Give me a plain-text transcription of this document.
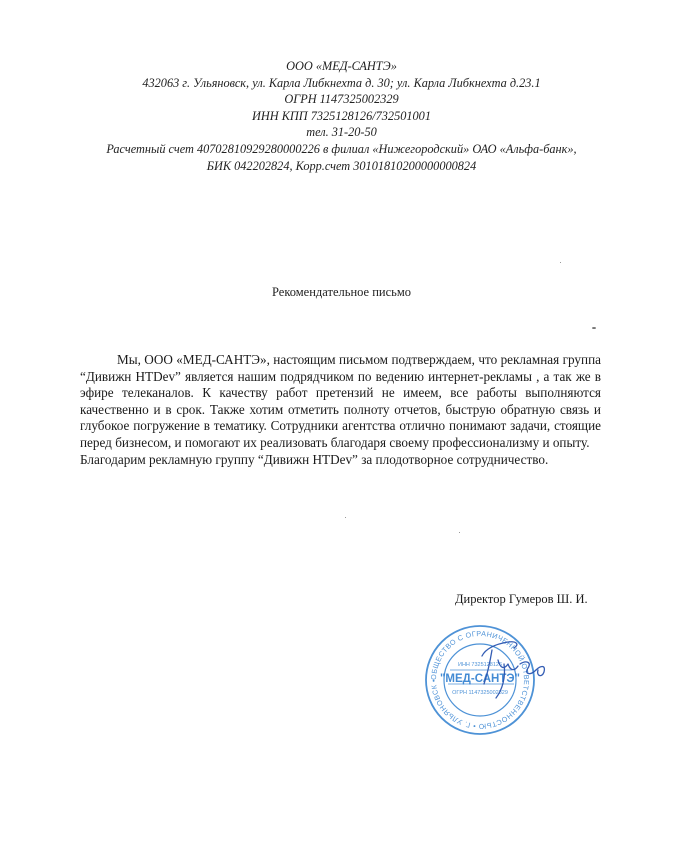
ООО «МЕД-САНТЭ»
432063 г. Ульяновск, ул. Карла Либкнехта д. 30; ул. Карла Либкнехта д.23.1
ОГРН 1147325002329
ИНН КПП 7325128126/732501001
тел. 31-20-50
Расчетный счет 40702810929280000226 в филиал «Нижегородский» ОАО «Альфа-банк»,
БИК 042202824, Корр.счет 30101810200000000824
Рекомендательное письмо

Мы, ООО «МЕД-САНТЭ», настоящим письмом подтверждаем, что рекламная группа “Дивижн HTDev” является нашим подрядчиком по ведению интернет-рекламы , а так же в эфире телеканалов. К качеству работ претензий не имеем, все работы выполняются качественно и в срок. Также хотим отметить полноту отчетов, быструю обратную связь и глубокое погружение в тематику. Сотрудники агентства отлично понимают задачи, стоящие перед бизнесом, и помогают их реализовать благодаря своему профессионализму и опыту.

Благодарим рекламную группу “Дивижн HTDev” за плодотворное сотрудничество.

Директор Гумеров Ш. И.
ОБЩЕСТВО С ОГРАНИЧЕННОЙ ОТВЕТСТВЕННОСТЬЮ • Г. УЛЬЯНОВСК •
ИНН 7325128126
"МЕД-САНТЭ"
ОГРН 1147325002329
